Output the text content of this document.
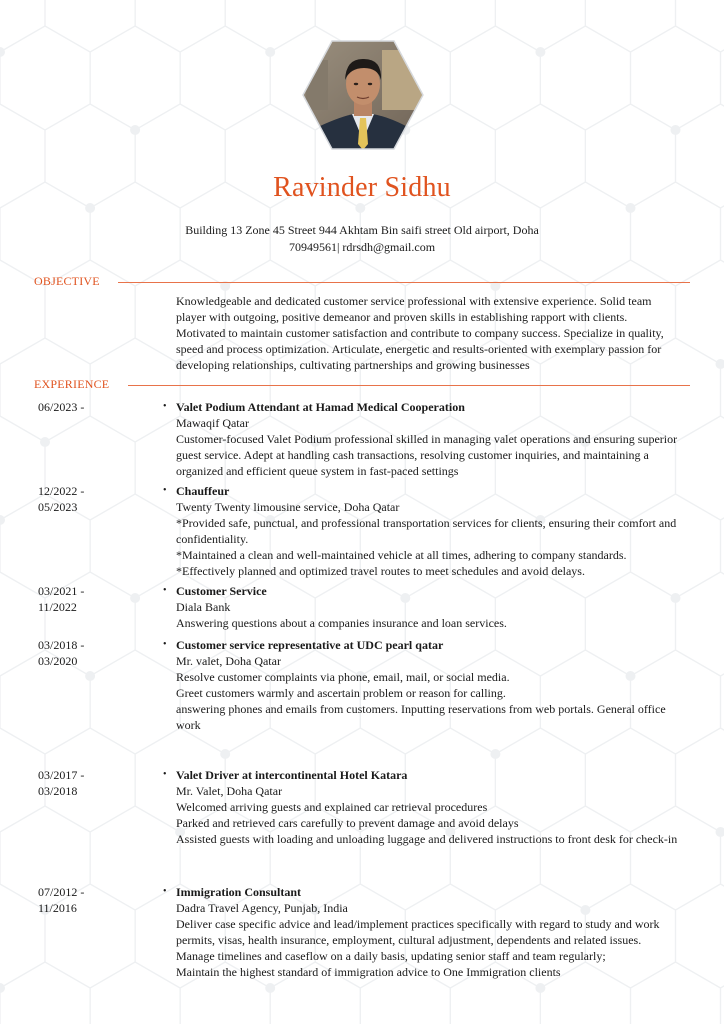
Ravinder Sidhu
Building 13 Zone 45 Street 944 Akhtam Bin saifi street Old airport, Doha
70949561| rdrsdh@gmail.com
OBJECTIVE
Knowledgeable and dedicated customer service professional with extensive experience. Solid team player with outgoing, positive demeanor and proven skills in establishing rapport with clients. Motivated to maintain customer satisfaction and contribute to company success. Specialize in quality, speed and process optimization. Articulate, energetic and results-oriented with exemplary passion for developing relationships, cultivating partnerships and growing businesses
EXPERIENCE
06/2023 -	• Valet Podium Attendant at Hamad Medical Cooperation
Mawaqif Qatar
Customer-focused Valet Podium professional skilled in managing valet operations and ensuring superior guest service. Adept at handling cash transactions, resolving customer inquiries, and maintaining a organized and efficient queue system in fast-paced settings
12/2022 -
05/2023
• Chauffeur
Twenty Twenty limousine service, Doha Qatar
*Provided safe, punctual, and professional transportation services for clients, ensuring their comfort and confidentiality.
*Maintained a clean and well-maintained vehicle at all times, adhering to company standards.
*Effectively planned and optimized travel routes to meet schedules and avoid delays.
03/2021 -
11/2022
• Customer Service
Diala Bank
Answering questions about a companies insurance and loan services.
03/2018 -
03/2020
• Customer service representative at UDC pearl qatar
Mr. valet, Doha Qatar
Resolve customer complaints via phone, email, mail, or social media.
Greet customers warmly and ascertain problem or reason for calling.
answering phones and emails from customers. Inputting reservations from web portals. General office work
03/2017 -
03/2018
• Valet Driver at intercontinental Hotel Katara
Mr. Valet, Doha Qatar
Welcomed arriving guests and explained car retrieval procedures
Parked and retrieved cars carefully to prevent damage and avoid delays
Assisted guests with loading and unloading luggage and delivered instructions to front desk for check-in
07/2012 -
11/2016
• Immigration Consultant
Dadra Travel Agency, Punjab, India
Deliver case specific advice and lead/implement practices specifically with regard to study and work permits, visas, health insurance, employment, cultural adjustment, dependents and related issues.
Manage timelines and caseflow on a daily basis, updating senior staff and team regularly;
Maintain the highest standard of immigration advice to One Immigration clients
